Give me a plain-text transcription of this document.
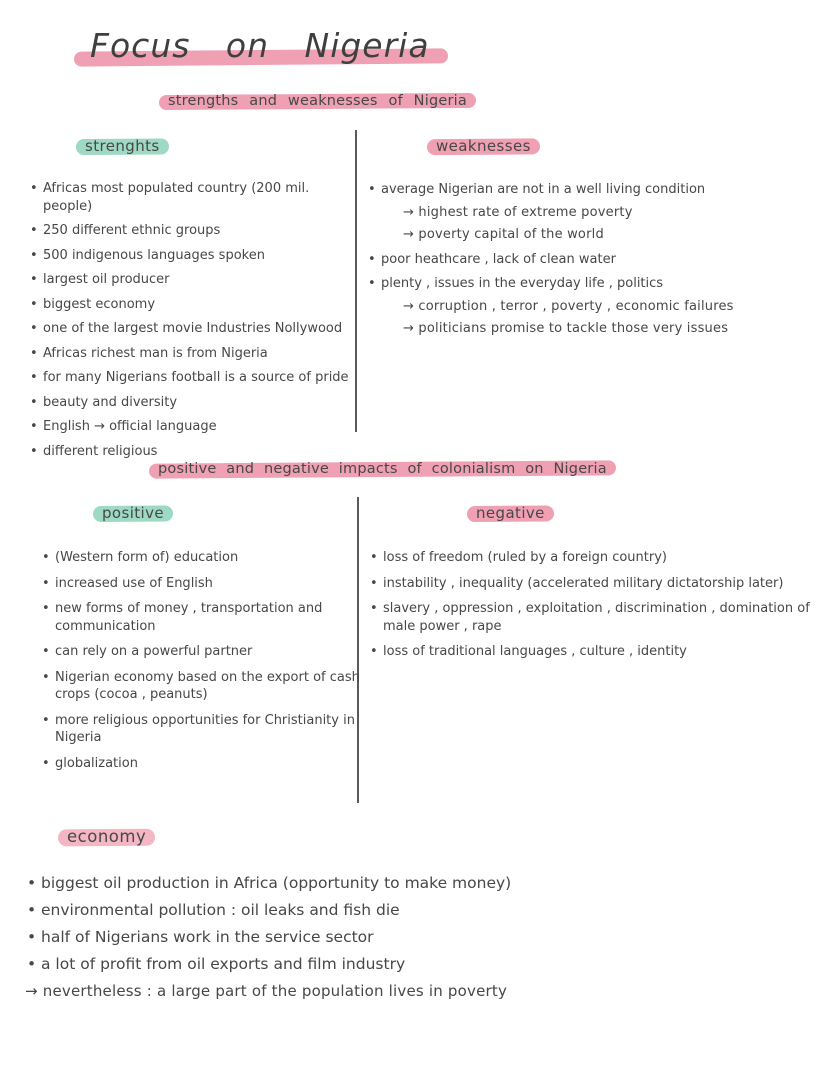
Focus on Nigeria
strengths and weaknesses of Nigeria
strenghts
• Africas most populated country (200 mil. people)
• 250 different ethnic groups
• 500 indigenous languages spoken
• largest oil producer
• biggest economy
• one of the largest movie Industries Nollywood
• Africas richest man is from Nigeria
• for many Nigerians football is a source of pride
• beauty and diversity
• English → official language
• different religious
weaknesses
• average Nigerian are not in a well living condition
→ highest rate of extreme poverty
→ poverty capital of the world
• poor heathcare , lack of clean water
• plenty , issues in the everyday life , politics
→ corruption , terror , poverty , economic failures
→ politicians promise to tackle those very issues
positive and negative impacts of colonialism on Nigeria
positive
• (Western form of) education
• increased use of English
• new forms of money , transportation and communication
• can rely on a powerful partner
• Nigerian economy based on the export of cash crops (cocoa , peanuts)
• more religious opportunities for Christianity in Nigeria
• globalization
negative
• loss of freedom (ruled by a foreign country)
• instability , inequality (accelerated military dictatorship later)
• slavery , oppression , exploitation , discrimination , domination of male power , rape
• loss of traditional languages , culture , identity
economy
• biggest oil production in Africa (opportunity to make money)
• environmental pollution : oil leaks and fish die
• half of Nigerians work in the service sector
• a lot of profit from oil exports and film industry
→ nevertheless : a large part of the population lives in poverty
